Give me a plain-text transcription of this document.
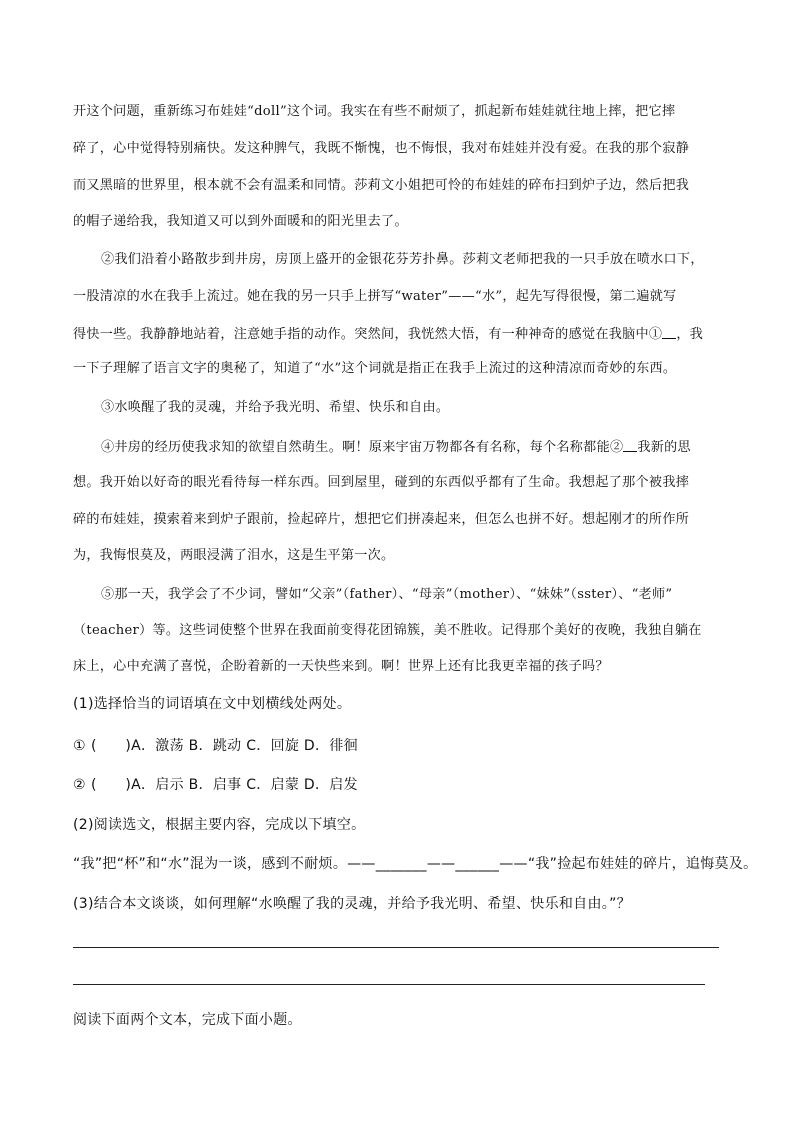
开这个问题，重新练习布娃娃“doll”这个词。我实在有些不耐烦了，抓起新布娃娃就往地上摔，把它摔
碎了，心中觉得特别痛快。发这种脾气，我既不惭愧，也不悔恨，我对布娃娃并没有爱。在我的那个寂静
而又黑暗的世界里，根本就不会有温柔和同情。莎莉文小姐把可怜的布娃娃的碎布扫到炉子边，然后把我
的帽子递给我，我知道又可以到外面暖和的阳光里去了。
②我们沿着小路散步到井房，房顶上盛开的金银花芬芳扑鼻。莎莉文老师把我的一只手放在喷水口下，
一股清凉的水在我手上流过。她在我的另一只手上拼写“water”——“水”，起先写得很慢，第二遍就写
得快一些。我静静地站着，注意她手指的动作。突然间，我恍然大悟，有一种神奇的感觉在我脑中① ，我
一下子理解了语言文字的奥秘了，知道了“水”这个词就是指正在我手上流过的这种清凉而奇妙的东西。
③水唤醒了我的灵魂，并给予我光明、希望、快乐和自由。
④井房的经历使我求知的欲望自然萌生。啊！原来宇宙万物都各有名称，每个名称都能② 我新的思
想。我开始以好奇的眼光看待每一样东西。回到屋里，碰到的东西似乎都有了生命。我想起了那个被我摔
碎的布娃娃，摸索着来到炉子跟前，捡起碎片，想把它们拼凑起来，但怎么也拼不好。想起刚才的所作所
为，我悔恨莫及，两眼浸满了泪水，这是生平第一次。
⑤那一天，我学会了不少词，譬如“父亲”（father）、“母亲”（mother）、“妹妹”（sster）、“老师”
（teacher）等。这些词使整个世界在我面前变得花团锦簇，美不胜收。记得那个美好的夜晚，我独自躺在
床上，心中充满了喜悦，企盼着新的一天快些来到。啊！世界上还有比我更幸福的孩子吗？
(1)选择恰当的词语填在文中划横线处两处。
① (　　)A．激荡 B．跳动 C．回旋 D．徘徊
② (　　)A．启示 B．启事 C．启蒙 D．启发
(2)阅读选文，根据主要内容，完成以下填空。
“我”把“杯”和“水”混为一谈，感到不耐烦。——_______——______——“我”捡起布娃娃的碎片，追悔莫及。
(3)结合本文谈谈，如何理解“水唤醒了我的灵魂，并给予我光明、希望、快乐和自由。”？
阅读下面两个文本，完成下面小题。
